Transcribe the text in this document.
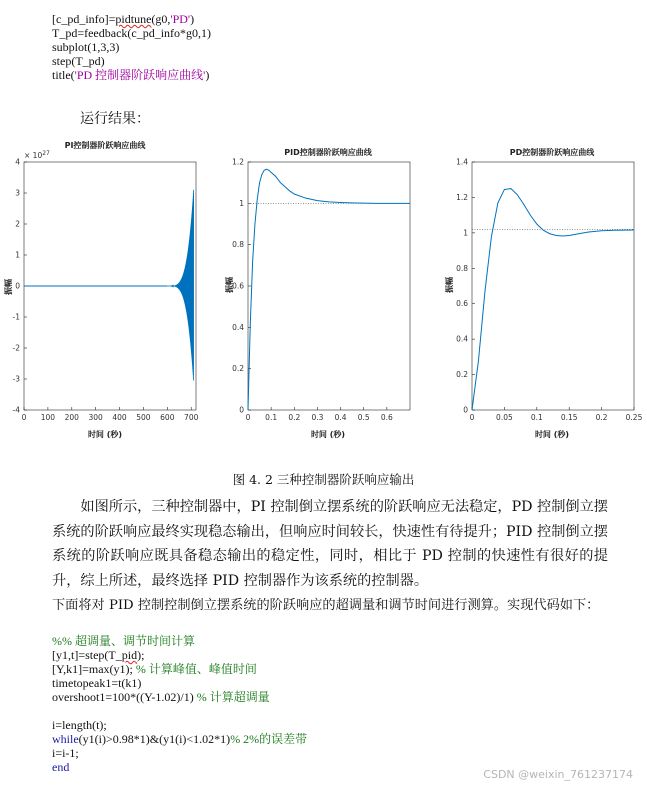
[c_pd_info]=pidtune(g0,'PD')
T_pd=feedback(c_pd_info*g0,1)
subplot(1,3,3)
step(T_pd)
title('PD 控制器阶跃响应曲线')
运行结果：
PI控制器阶跃响应曲线
× $10^{27}$
振幅
时间 (秒)
0 100 200 300 400 500 600 700
4
3
2
1
0
-1
-2
-3
-4
PID控制器阶跃响应曲线
振幅
时间 (秒)
0 0.1 0.2 0.3 0.4 0.5 0.6
0
0.2
0.4
0.6
0.8
1
1.2
PD控制器阶跃响应曲线
振幅
时间 (秒)
0	0.05 0.1 0.15 0.2 0.25
0
0.2
0.4
0.6
0.8
1
1.2
1.4
图 4. 2 三种控制器阶跃响应输出
如图所示，三种控制器中，PI 控制倒立摆系统的阶跃响应无法稳定，PD 控制倒立摆系统的阶跃响应最终实现稳态输出，但响应时间较长，快速性有待提升；PID 控制倒立摆系统的阶跃响应既具备稳态输出的稳定性，同时，相比于 PD 控制的快速性有很好的提升，综上所述，最终选择 PID 控制器作为该系统的控制器。
下面将对 PID 控制控制倒立摆系统的阶跃响应的超调量和调节时间进行测算。实现代码如下：
%% 超调量、调节时间计算
[y1,t]=step(T_pid);
[Y,k1]=max(y1); % 计算峰值、峰值时间
timetopeak1=t(k1)
overshoot1=100*((Y-1.02)/1) % 计算超调量
i=length(t);
while(y1(i)>0.98*1)&(y1(i)<1.02*1)% 2%的误差带
i=i-1;
end
CSDN @weixin_761237174
